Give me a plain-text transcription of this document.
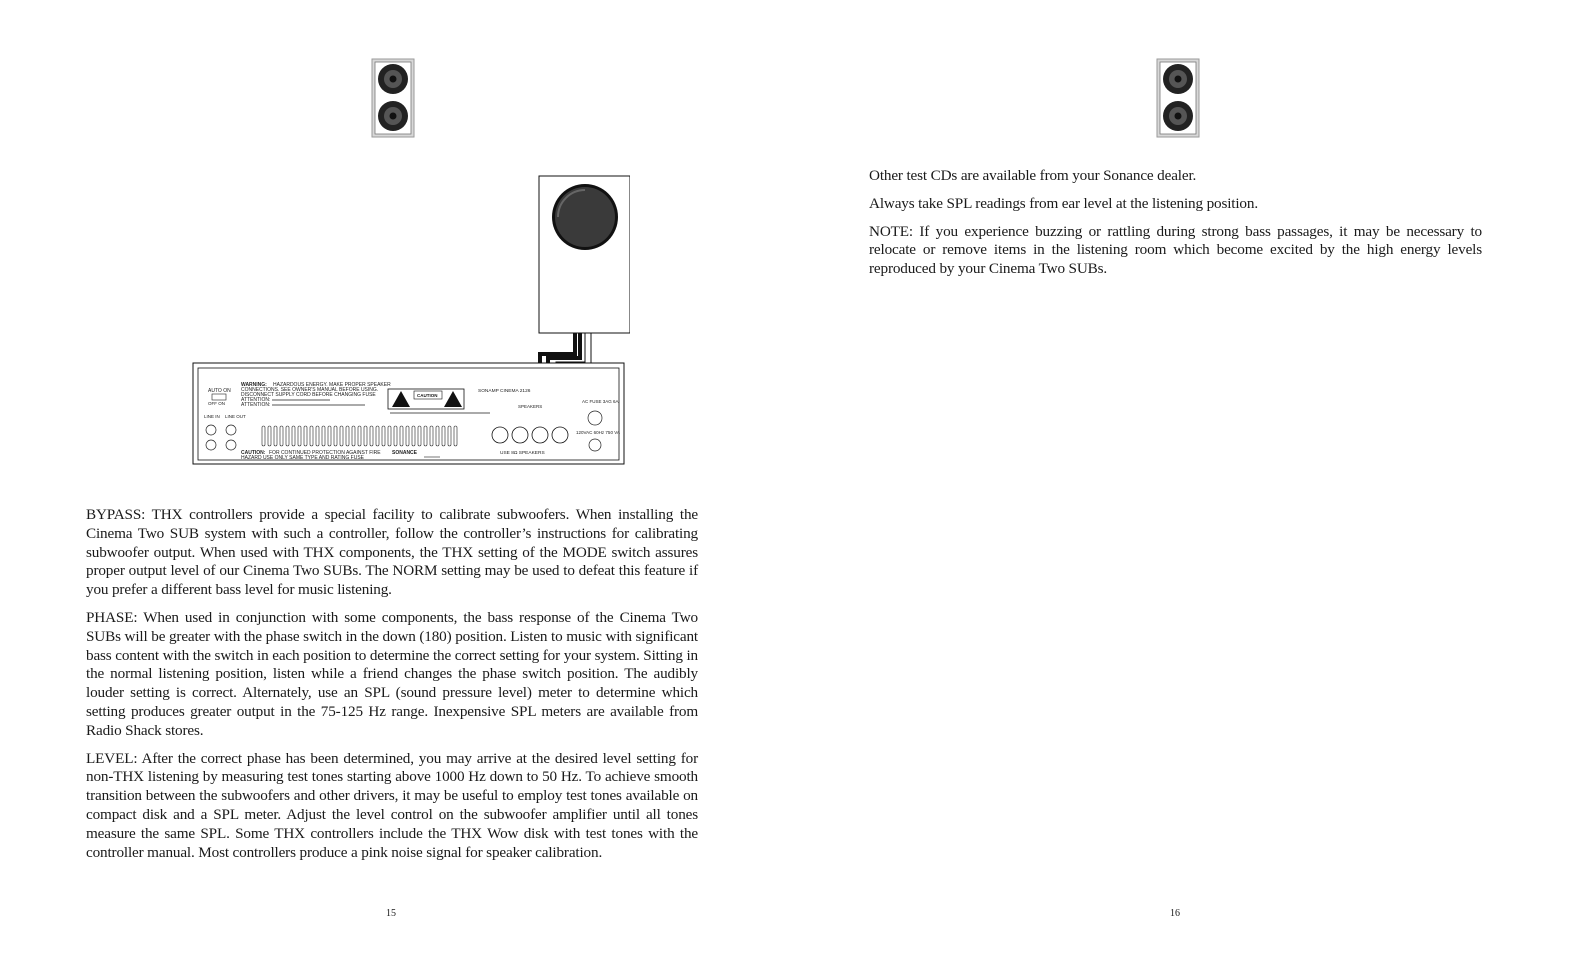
AUTO ON
OFF ON
LINE IN LINE OUT
WARNING: HAZARDOUS ENERGY. MAKE PROPER SPEAKER
CONNECTIONS. SEE OWNER'S MANUAL BEFORE USING.
DISCONNECT SUPPLY CORD BEFORE CHANGING FUSE
ATTENTION:
ATTENTION:
CAUTION
SONAMP CINEMA 2126
SPEAKERS
USE 8Ω SPEAKERS
AC FUSE 3AG 6A
120VAC 60Hz 750 VA
CAUTION: FOR CONTINUED PROTECTION AGAINST FIRE
HAZARD USE ONLY SAME TYPE AND RATING FUSE
SONANCE

BYPASS: THX controllers provide a special facility to calibrate subwoofers. When installing the Cinema Two SUB system with such a controller, follow the controller’s instructions for calibrating subwoofer output. When used with THX components, the THX setting of the MODE switch assures proper output level of our Cinema Two SUBs. The NORM setting may be used to defeat this feature if you prefer a different bass level for music listening.

PHASE: When used in conjunction with some components, the bass response of the Cinema Two SUBs will be greater with the phase switch in the down (180) position. Listen to music with significant bass content with the switch in each position to determine the correct setting for your system. Sitting in the normal listening position, listen while a friend changes the phase switch position. The audibly louder setting is correct. Alternately, use an SPL (sound pressure level) meter to determine which setting produces greater output in the 75-125 Hz range. Inexpensive SPL meters are available from Radio Shack stores.

LEVEL: After the correct phase has been determined, you may arrive at the desired level setting for non-THX listening by measuring test tones starting above 1000 Hz down to 50 Hz. To achieve smooth transition between the subwoofers and other drivers, it may be useful to employ test tones available on compact disk and a SPL meter. Adjust the level control on the subwoofer amplifier until all tones measure the same SPL. Some THX controllers include the THX Wow disk with test tones with the controller manual. Most controllers produce a pink noise signal for speaker calibration.

15

Other test CDs are available from your Sonance dealer.

Always take SPL readings from ear level at the listening position.

NOTE: If you experience buzzing or rattling during strong bass passages, it may be necessary to relocate or remove items in the listening room which become excited by the high energy levels reproduced by your Cinema Two SUBs.

16
